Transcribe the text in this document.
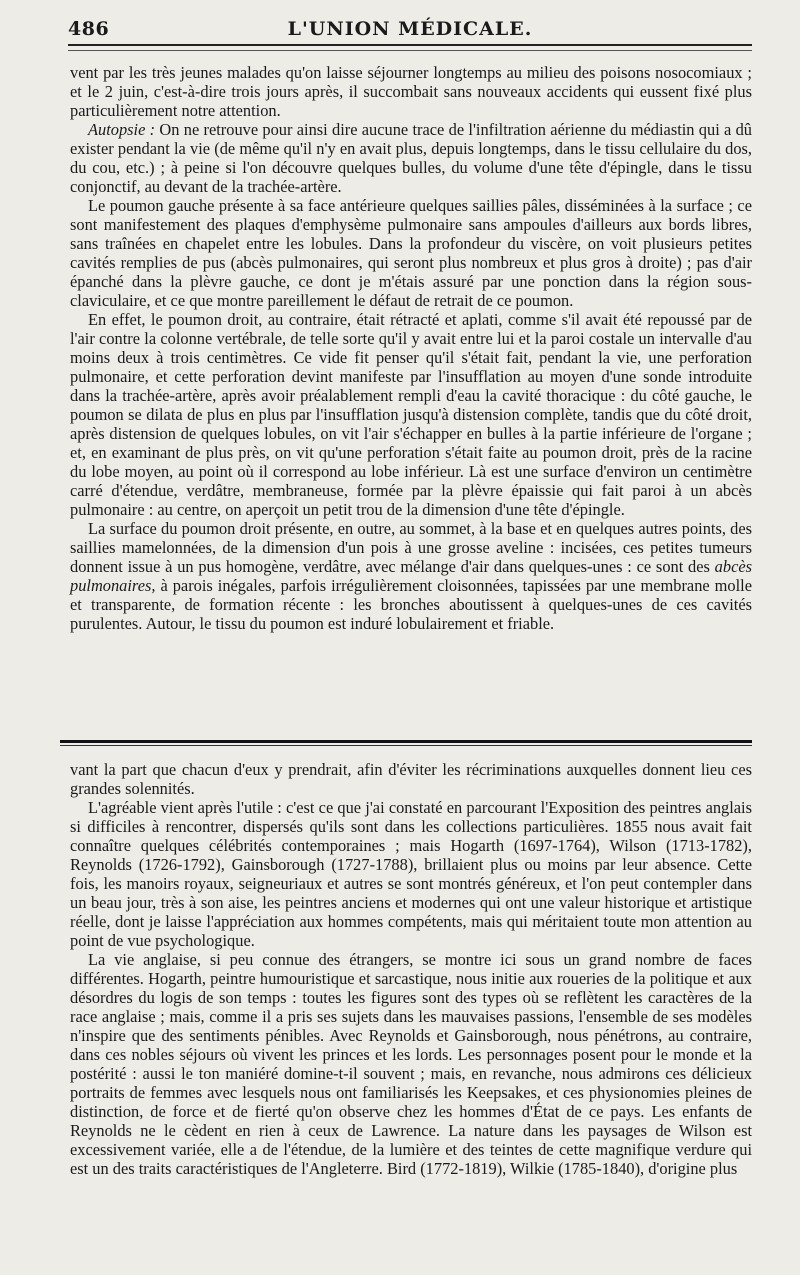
486	L'UNION MÉDICALE.

vent par les très jeunes malades qu'on laisse séjourner longtemps au milieu des poisons nosocomiaux ; et le 2 juin, c'est-à-dire trois jours après, il succombait sans nouveaux accidents qui eussent fixé plus particulièrement notre attention.

Autopsie : On ne retrouve pour ainsi dire aucune trace de l'infiltration aérienne du médiastin qui a dû exister pendant la vie (de même qu'il n'y en avait plus, depuis longtemps, dans le tissu cellulaire du dos, du cou, etc.) ; à peine si l'on découvre quelques bulles, du volume d'une tête d'épingle, dans le tissu conjonctif, au devant de la trachée-artère.

Le poumon gauche présente à sa face antérieure quelques saillies pâles, disséminées à la surface ; ce sont manifestement des plaques d'emphysème pulmonaire sans ampoules d'ailleurs aux bords libres, sans traînées en chapelet entre les lobules. Dans la profondeur du viscère, on voit plusieurs petites cavités remplies de pus (abcès pulmonaires, qui seront plus nombreux et plus gros à droite) ; pas d'air épanché dans la plèvre gauche, ce dont je m'étais assuré par une ponction dans la région sous-claviculaire, et ce que montre pareillement le défaut de retrait de ce poumon.

En effet, le poumon droit, au contraire, était rétracté et aplati, comme s'il avait été repoussé par de l'air contre la colonne vertébrale, de telle sorte qu'il y avait entre lui et la paroi costale un intervalle d'au moins deux à trois centimètres. Ce vide fit penser qu'il s'était fait, pendant la vie, une perforation pulmonaire, et cette perforation devint manifeste par l'insufflation au moyen d'une sonde introduite dans la trachée-artère, après avoir préalablement rempli d'eau la cavité thoracique : du côté gauche, le poumon se dilata de plus en plus par l'insufflation jusqu'à distension complète, tandis que du côté droit, après distension de quelques lobules, on vit l'air s'échapper en bulles à la partie inférieure de l'organe ; et, en examinant de plus près, on vit qu'une perforation s'était faite au poumon droit, près de la racine du lobe moyen, au point où il correspond au lobe inférieur. Là est une surface d'environ un centimètre carré d'étendue, verdâtre, membraneuse, formée par la plèvre épaissie qui fait paroi à un abcès pulmonaire : au centre, on aperçoit un petit trou de la dimension d'une tête d'épingle.

La surface du poumon droit présente, en outre, au sommet, à la base et en quelques autres points, des saillies mamelonnées, de la dimension d'un pois à une grosse aveline : incisées, ces petites tumeurs donnent issue à un pus homogène, verdâtre, avec mélange d'air dans quelques-unes : ce sont des abcès pulmonaires, à parois inégales, parfois irrégulièrement cloisonnées, tapissées par une membrane molle et transparente, de formation récente : les bronches aboutissent à quelques-unes de ces cavités purulentes. Autour, le tissu du poumon est induré lobulairement et friable.

vant la part que chacun d'eux y prendrait, afin d'éviter les récriminations auxquelles donnent lieu ces grandes solennités.

L'agréable vient après l'utile : c'est ce que j'ai constaté en parcourant l'Exposition des peintres anglais si difficiles à rencontrer, dispersés qu'ils sont dans les collections particulières. 1855 nous avait fait connaître quelques célébrités contemporaines ; mais Hogarth (1697-1764), Wilson (1713-1782), Reynolds (1726-1792), Gainsborough (1727-1788), brillaient plus ou moins par leur absence. Cette fois, les manoirs royaux, seigneuriaux et autres se sont montrés généreux, et l'on peut contempler dans un beau jour, très à son aise, les peintres anciens et modernes qui ont une valeur historique et artistique réelle, dont je laisse l'appréciation aux hommes compétents, mais qui méritaient toute mon attention au point de vue psychologique.

La vie anglaise, si peu connue des étrangers, se montre ici sous un grand nombre de faces différentes. Hogarth, peintre humouristique et sarcastique, nous initie aux roueries de la politique et aux désordres du logis de son temps : toutes les figures sont des types où se reflètent les caractères de la race anglaise ; mais, comme il a pris ses sujets dans les mauvaises passions, l'ensemble de ses modèles n'inspire que des sentiments pénibles. Avec Reynolds et Gainsborough, nous pénétrons, au contraire, dans ces nobles séjours où vivent les princes et les lords. Les personnages posent pour le monde et la postérité : aussi le ton maniéré domine-t-il souvent ; mais, en revanche, nous admirons ces délicieux portraits de femmes avec lesquels nous ont familiarisés les Keepsakes, et ces physionomies pleines de distinction, de force et de fierté qu'on observe chez les hommes d'État de ce pays. Les enfants de Reynolds ne le cèdent en rien à ceux de Lawrence. La nature dans les paysages de Wilson est excessivement variée, elle a de l'étendue, de la lumière et des teintes de cette magnifique verdure qui est un des traits caractéristiques de l'Angleterre. Bird (1772-1819), Wilkie (1785-1840), d'origine plus
